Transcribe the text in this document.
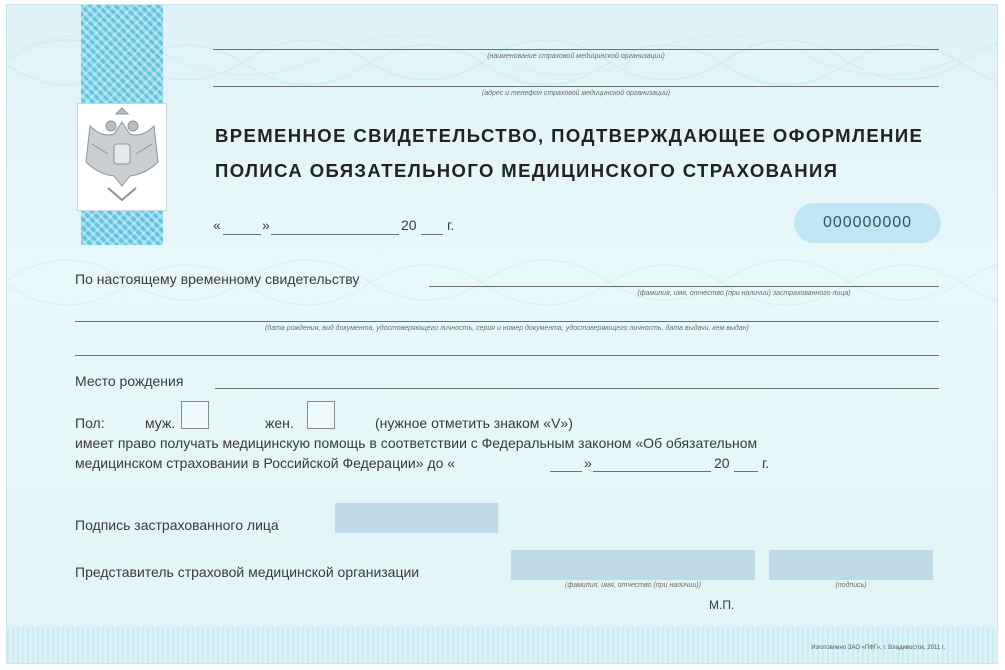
(наименование страховой медицинской организации)
(адрес и телефон страховой медицинской организации)
ВРЕМЕННОЕ СВИДЕТЕЛЬСТВО, ПОДТВЕРЖДАЮЩЕЕ ОФОРМЛЕНИЕ
ПОЛИСА ОБЯЗАТЕЛЬНОГО МЕДИЦИНСКОГО СТРАХОВАНИЯ
«	»	20 г.	000000000
По настоящему временному свидетельству
(фамилия, имя, отчество (при наличии) застрахованного лица)
(дата рождения, вид документа, удостоверяющего личность, серия и номер документа, удостоверяющего личность, дата выдачи, кем выдан)
Место рождения
Пол:	муж.	жен.	(нужное отметить знаком «V»)
имеет право получать медицинскую помощь в соответствии с Федеральным законом «Об обязательном
медицинском страховании в Российской Федерации» до «	»	20 г.
Подпись застрахованного лица
Представитель страховой медицинской организации
(фамилия, имя, отчество (при наличии))	(подпись)
М.П.
Изготовлено ЗАО «ПФГ», г. Владивосток, 2011 г.
